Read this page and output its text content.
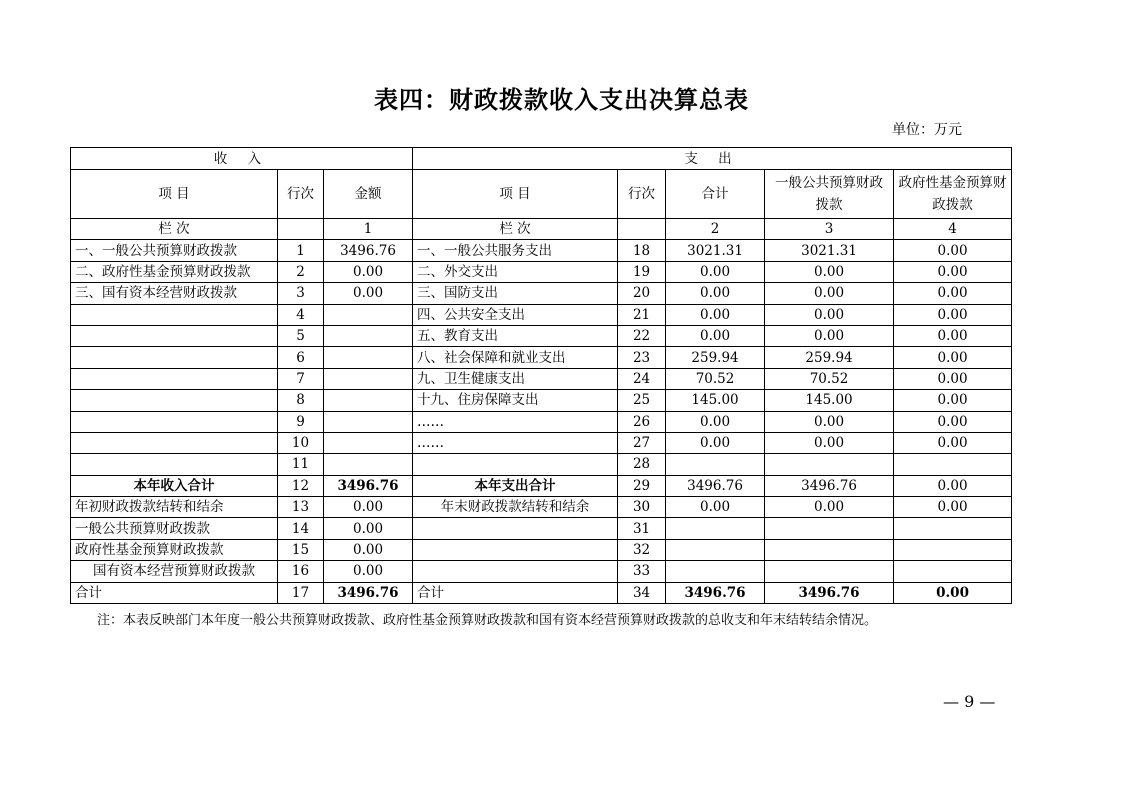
表四：财政拨款收入支出决算总表
单位：万元
收 入			支 出				
项 目	行次	金额	项 目	行次	合计	一般公共预算财政拨款	政府性基金预算财政拨款
栏 次		1	栏 次		2	3	4
一、一般公共预算财政拨款	1	3496.76	一、一般公共服务支出	18	3021.31	3021.31	0.00
二、政府性基金预算财政拨款	2	0.00	二、外交支出	19	0.00	0.00	0.00
三、国有资本经营财政拨款	3	0.00	三、国防支出	20	0.00	0.00	0.00
	4		四、公共安全支出	21	0.00	0.00	0.00
	5		五、教育支出	22	0.00	0.00	0.00
	6		八、社会保障和就业支出	23	259.94	259.94	0.00
	7		九、卫生健康支出	24	70.52	70.52	0.00
	8		十九、住房保障支出	25	145.00	145.00	0.00
	9		……	26	0.00	0.00	0.00
	10		……	27	0.00	0.00	0.00
	11			28			
本年收入合计	12	3496.76	本年支出合计	29	3496.76	3496.76	0.00
年初财政拨款结转和结余	13	0.00	年末财政拨款结转和结余	30	0.00	0.00	0.00
一般公共预算财政拨款	14	0.00		31			
政府性基金预算财政拨款	15	0.00		32			
国有资本经营预算财政拨款	16	0.00		33			
合计	17	3496.76	合计	34	3496.76	3496.76	0.00
注：本表反映部门本年度一般公共预算财政拨款、政府性基金预算财政拨款和国有资本经营预算财政拨款的总收支和年末结转结余情况。
— 9 —
